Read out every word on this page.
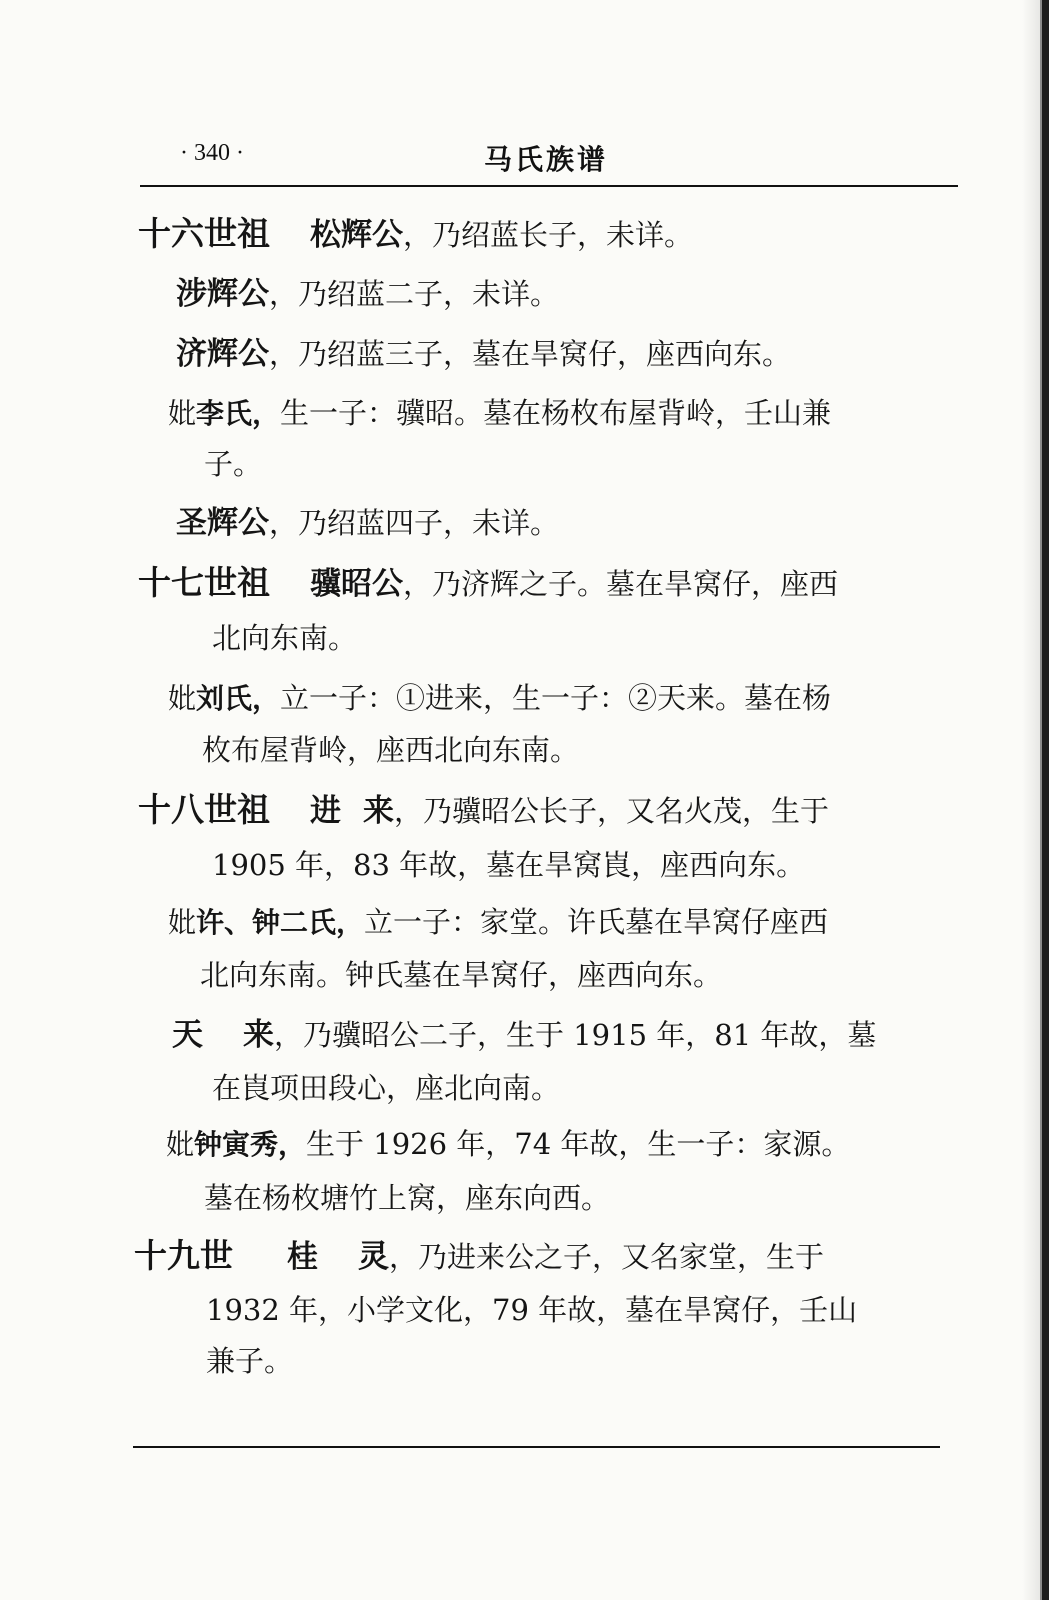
· 340 ·	马氏族谱
十六世祖 松辉公，乃绍蓝长子，未详。
涉辉公，乃绍蓝二子，未详。
济辉公，乃绍蓝三子，墓在旱窝仔，座西向东。
妣李氏，生一子：骥昭。墓在杨枚布屋背岭，壬山兼
子。
圣辉公，乃绍蓝四子，未详。
十七世祖 骥昭公，乃济辉之子。墓在旱窝仔，座西
北向东南。
妣刘氏，立一子：①进来，生一子：②天来。墓在杨
枚布屋背岭，座西北向东南。
十八世祖 进 来，乃骥昭公长子，又名火茂，生于
1905 年，83 年故，墓在旱窝崀，座西向东。
妣许、钟二氏，立一子：家堂。许氏墓在旱窝仔座西
北向东南。钟氏墓在旱窝仔，座西向东。
天 来，乃骥昭公二子，生于 1915 年，81 年故，墓
在崀项田段心，座北向南。
妣钟寅秀，生于 1926 年，74 年故，生一子：家源。
墓在杨枚塘竹上窝，座东向西。
十九世 桂 灵，乃进来公之子，又名家堂，生于
1932 年，小学文化，79 年故，墓在旱窝仔，壬山
兼子。
